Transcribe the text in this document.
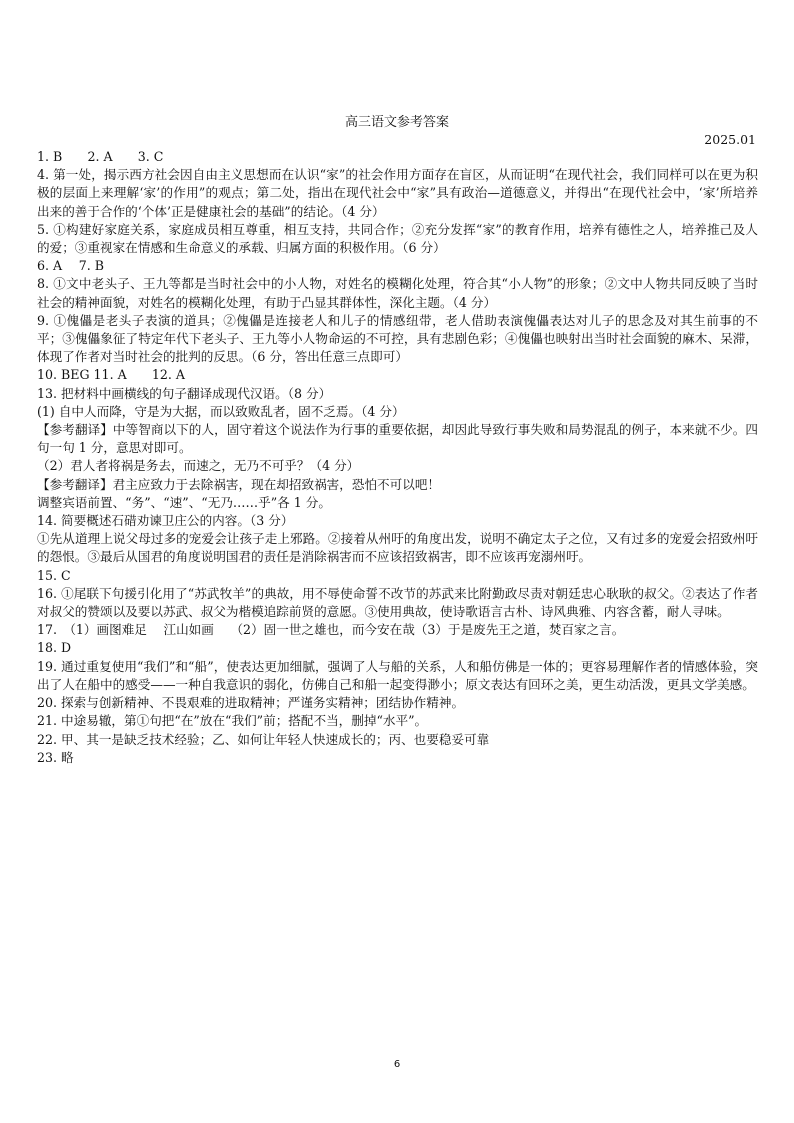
高三语文参考答案
2025.01

1. B　　2. A　　3. C

4. 第一处，揭示西方社会因自由主义思想而在认识“家”的社会作用方面存在盲区，从而证明“在现代社会，我们同样可以在更为积极的层面上来理解‘家’的作用”的观点；第二处，指出在现代社会中“家”具有政治—道德意义，并得出“在现代社会中，‘家’所培养出来的善于合作的‘个体’正是健康社会的基础”的结论。（4 分）

5. ①构建好家庭关系，家庭成员相互尊重，相互支持，共同合作；②充分发挥“家”的教育作用，培养有德性之人，培养推己及人的爱；③重视家在情感和生命意义的承载、归属方面的积极作用。（6 分）

6. A　 7. B

8. ①文中老头子、王九等都是当时社会中的小人物，对姓名的模糊化处理，符合其“小人物”的形象；②文中人物共同反映了当时社会的精神面貌，对姓名的模糊化处理，有助于凸显其群体性，深化主题。（4 分）

9. ①傀儡是老头子表演的道具；②傀儡是连接老人和儿子的情感纽带，老人借助表演傀儡表达对儿子的思念及对其生前事的不平；③傀儡象征了特定年代下老头子、王九等小人物命运的不可控，具有悲剧色彩；④傀儡也映射出当时社会面貌的麻木、呆滞，体现了作者对当时社会的批判的反思。（6 分，答出任意三点即可）

10. BEG 11. A　　12. A

13. 把材料中画横线的句子翻译成现代汉语。（8 分）

(1) 自中人而降，守是为大据，而以致败乱者，固不乏焉。（4 分）

【参考翻译】中等智商以下的人，固守着这个说法作为行事的重要依据，却因此导致行事失败和局势混乱的例子，本来就不少。四句一句 1 分，意思对即可。

（2）君人者将祸是务去，而速之，无乃不可乎？（4 分）

【参考翻译】君主应致力于去除祸害，现在却招致祸害，恐怕不可以吧！

调整宾语前置、“务”、“速”、“无乃……乎”各 1 分。

14. 简要概述石碏劝谏卫庄公的内容。（3 分）

①先从道理上说父母过多的宠爱会让孩子走上邪路。②接着从州吁的角度出发，说明不确定太子之位，又有过多的宠爱会招致州吁的怨恨。③最后从国君的角度说明国君的责任是消除祸害而不应该招致祸害，即不应该再宠溺州吁。

15. C

16. ①尾联下句援引化用了“苏武牧羊”的典故，用不辱使命誓不改节的苏武来比附勤政尽责对朝廷忠心耿耿的叔父。②表达了作者对叔父的赞颂以及要以苏武、叔父为楷模追踪前贤的意愿。③使用典故，使诗歌语言古朴、诗风典雅、内容含蓄，耐人寻味。

17.　（1）画图难足　 江山如画　 （2）固一世之雄也，而今安在哉（3）于是废先王之道，焚百家之言。

18. D

19. 通过重复使用“我们”和“船”，使表达更加细腻，强调了人与船的关系，人和船仿佛是一体的；更容易理解作者的情感体验，突出了人在船中的感受——一种自我意识的弱化，仿佛自己和船一起变得渺小；原文表达有回环之美，更生动活泼，更具文学美感。

20. 探索与创新精神、不畏艰难的进取精神；严谨务实精神；团结协作精神。

21. 中途易辙，第①句把“在”放在“我们”前；搭配不当，删掉“水平”。

22. 甲、其一是缺乏技术经验；乙、如何让年轻人快速成长的；丙、也要稳妥可靠

23. 略

6
